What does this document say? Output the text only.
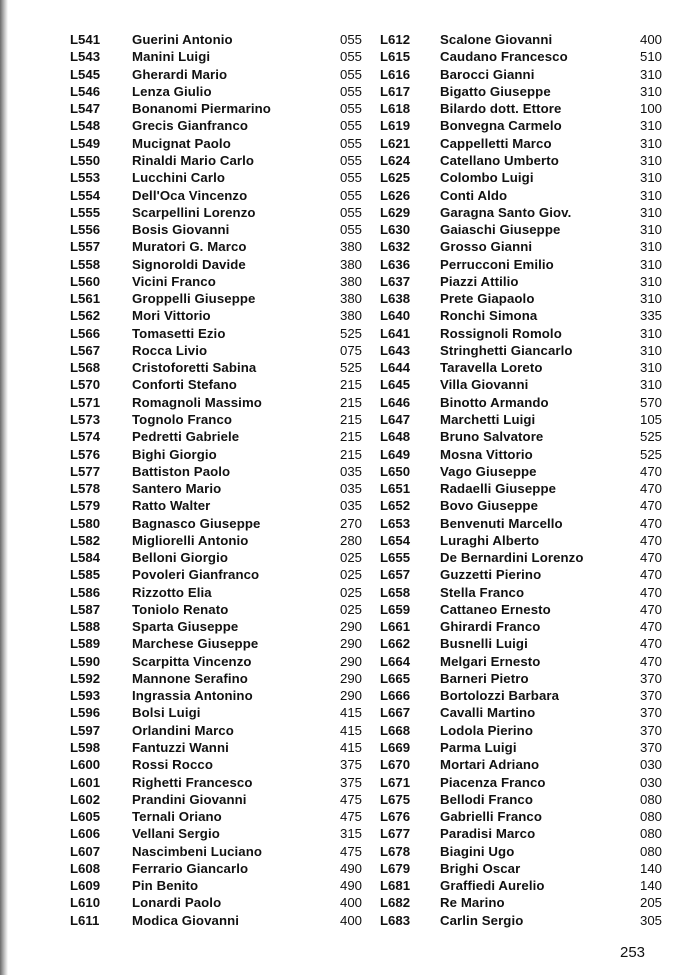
L541	Guerini Antonio	055
L543	Manini Luigi	055
L545	Gherardi Mario	055
L546	Lenza Giulio	055
L547	Bonanomi Piermarino	055
L548	Grecis Gianfranco	055
L549	Mucignat Paolo	055
L550	Rinaldi Mario Carlo	055
L553	Lucchini Carlo	055
L554	Dell'Oca Vincenzo	055
L555	Scarpellini Lorenzo	055
L556	Bosis Giovanni	055
L557	Muratori G. Marco	380
L558	Signoroldi Davide	380
L560	Vicini Franco	380
L561	Groppelli Giuseppe	380
L562	Mori Vittorio	380
L566	Tomasetti Ezio	525
L567	Rocca Livio	075
L568	Cristoforetti Sabina	525
L570	Conforti Stefano	215
L571	Romagnoli Massimo	215
L573	Tognolo Franco	215
L574	Pedretti Gabriele	215
L576	Bighi Giorgio	215
L577	Battiston Paolo	035
L578	Santero Mario	035
L579	Ratto Walter	035
L580	Bagnasco Giuseppe	270
L582	Migliorelli Antonio	280
L584	Belloni Giorgio	025
L585	Povoleri Gianfranco	025
L586	Rizzotto Elia	025
L587	Toniolo Renato	025
L588	Sparta Giuseppe	290
L589	Marchese Giuseppe	290
L590	Scarpitta Vincenzo	290
L592	Mannone Serafino	290
L593	Ingrassia Antonino	290
L596	Bolsi Luigi	415
L597	Orlandini Marco	415
L598	Fantuzzi Wanni	415
L600	Rossi Rocco	375
L601	Righetti Francesco	375
L602	Prandini Giovanni	475
L605	Ternali Oriano	475
L606	Vellani Sergio	315
L607	Nascimbeni Luciano	475
L608	Ferrario Giancarlo	490
L609	Pin Benito	490
L610	Lonardi Paolo	400
L611	Modica Giovanni	400
L612	Scalone Giovanni	400
L615	Caudano Francesco	510
L616	Barocci Gianni	310
L617	Bigatto Giuseppe	310
L618	Bilardo dott. Ettore	100
L619	Bonvegna Carmelo	310
L621	Cappelletti Marco	310
L624	Catellano Umberto	310
L625	Colombo Luigi	310
L626	Conti Aldo	310
L629	Garagna Santo Giov.	310
L630	Gaiaschi Giuseppe	310
L632	Grosso Gianni	310
L636	Perrucconi Emilio	310
L637	Piazzi Attilio	310
L638	Prete Giapaolo	310
L640	Ronchi Simona	335
L641	Rossignoli Romolo	310
L643	Stringhetti Giancarlo	310
L644	Taravella Loreto	310
L645	Villa Giovanni	310
L646	Binotto Armando	570
L647	Marchetti Luigi	105
L648	Bruno Salvatore	525
L649	Mosna Vittorio	525
L650	Vago Giuseppe	470
L651	Radaelli Giuseppe	470
L652	Bovo Giuseppe	470
L653	Benvenuti Marcello	470
L654	Luraghi Alberto	470
L655	De Bernardini Lorenzo	470
L657	Guzzetti Pierino	470
L658	Stella Franco	470
L659	Cattaneo Ernesto	470
L661	Ghirardi Franco	470
L662	Busnelli Luigi	470
L664	Melgari Ernesto	470
L665	Barneri Pietro	370
L666	Bortolozzi Barbara	370
L667	Cavalli Martino	370
L668	Lodola Pierino	370
L669	Parma Luigi	370
L670	Mortari Adriano	030
L671	Piacenza Franco	030
L675	Bellodi Franco	080
L676	Gabrielli Franco	080
L677	Paradisi Marco	080
L678	Biagini Ugo	080
L679	Brighi Oscar	140
L681	Graffiedi Aurelio	140
L682	Re Marino	205
L683	Carlin Sergio	305
253
